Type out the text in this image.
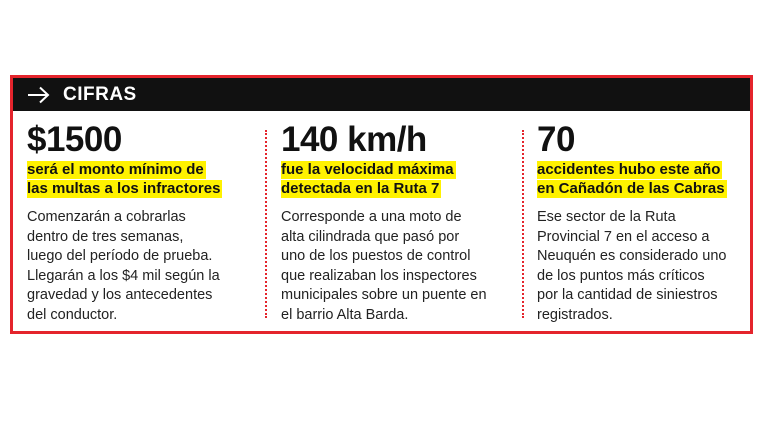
CIFRAS
$1500
será el monto mínimo de
las multas a los infractores
Comenzarán a cobrarlas
dentro de tres semanas,
luego del período de prueba.
Llegarán a los $4 mil según la
gravedad y los antecedentes
del conductor.
140 km/h
fue la velocidad máxima
detectada en la Ruta 7
Corresponde a una moto de
alta cilindrada que pasó por
uno de los puestos de control
que realizaban los inspectores
municipales sobre un puente en
el barrio Alta Barda.
70
accidentes hubo este año
en Cañadón de las Cabras
Ese sector de la Ruta
Provincial 7 en el acceso a
Neuquén es considerado uno
de los puntos más críticos
por la cantidad de siniestros
registrados.
